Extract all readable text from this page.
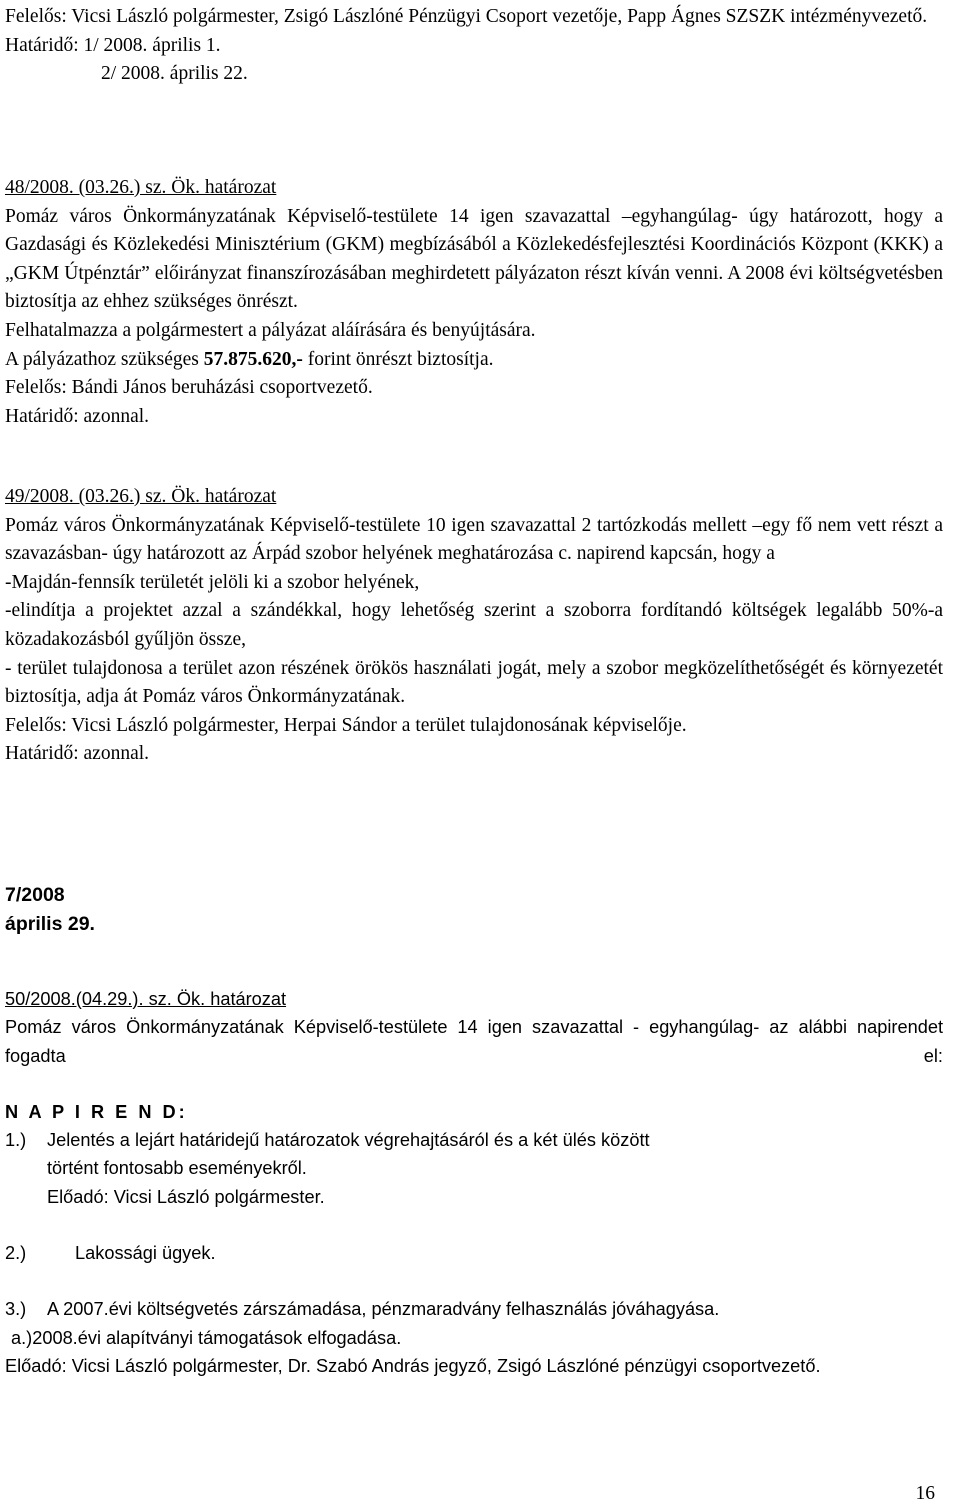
Felelős: Vicsi László polgármester, Zsigó Lászlóné Pénzügyi Csoport vezetője, Papp Ágnes SZSZK intézményvezető.
Határidő: 1/ 2008. április 1.
2/ 2008. április 22.
48/2008. (03.26.) sz. Ök. határozat
Pomáz város Önkormányzatának Képviselő-testülete 14 igen szavazattal –egyhangúlag- úgy határozott, hogy a Gazdasági és Közlekedési Minisztérium (GKM) megbízásából a Közlekedésfejlesztési Koordinációs Központ (KKK) a „GKM Útpénztár” előirányzat finanszírozásában meghirdetett pályázaton részt kíván venni. A 2008 évi költségvetésben biztosítja az ehhez szükséges önrészt.
Felhatalmazza a polgármestert a pályázat aláírására és benyújtására.
A pályázathoz szükséges 57.875.620,- forint önrészt biztosítja.
Felelős: Bándi János beruházási csoportvezető.
Határidő: azonnal.
49/2008. (03.26.) sz. Ök. határozat
Pomáz város Önkormányzatának Képviselő-testülete 10 igen szavazattal 2 tartózkodás mellett –egy fő nem vett részt a szavazásban- úgy határozott az Árpád szobor helyének meghatározása c. napirend kapcsán, hogy a
-Majdán-fennsík területét jelöli ki a szobor helyének,
-elindítja a projektet azzal a szándékkal, hogy lehetőség szerint a szoborra fordítandó költségek legalább 50%-a közadakozásból gyűljön össze,
- terület tulajdonosa a terület azon részének örökös használati jogát, mely a szobor megközelíthetőségét és környezetét biztosítja, adja át Pomáz város Önkormányzatának.
Felelős: Vicsi László polgármester, Herpai Sándor a terület tulajdonosának képviselője.
Határidő: azonnal.
7/2008
április 29.
50/2008.(04.29.). sz. Ök. határozat
Pomáz város Önkormányzatának Képviselő-testülete 14 igen szavazattal - egyhangúlag- az alábbi napirendet fogadta el:
N A P I R E N D:
1.) Jelentés a lejárt határidejű határozatok végrehajtásáról és a két ülés között
történt fontosabb eseményekről.
Előadó: Vicsi László polgármester.
2.)	Lakossági ügyek.
3.) A 2007.évi költségvetés zárszámadása, pénzmaradvány felhasználás jóváhagyása.
a.)2008.évi alapítványi támogatások elfogadása.
Előadó: Vicsi László polgármester, Dr. Szabó András jegyző, Zsigó Lászlóné pénzügyi csoportvezető.
16
